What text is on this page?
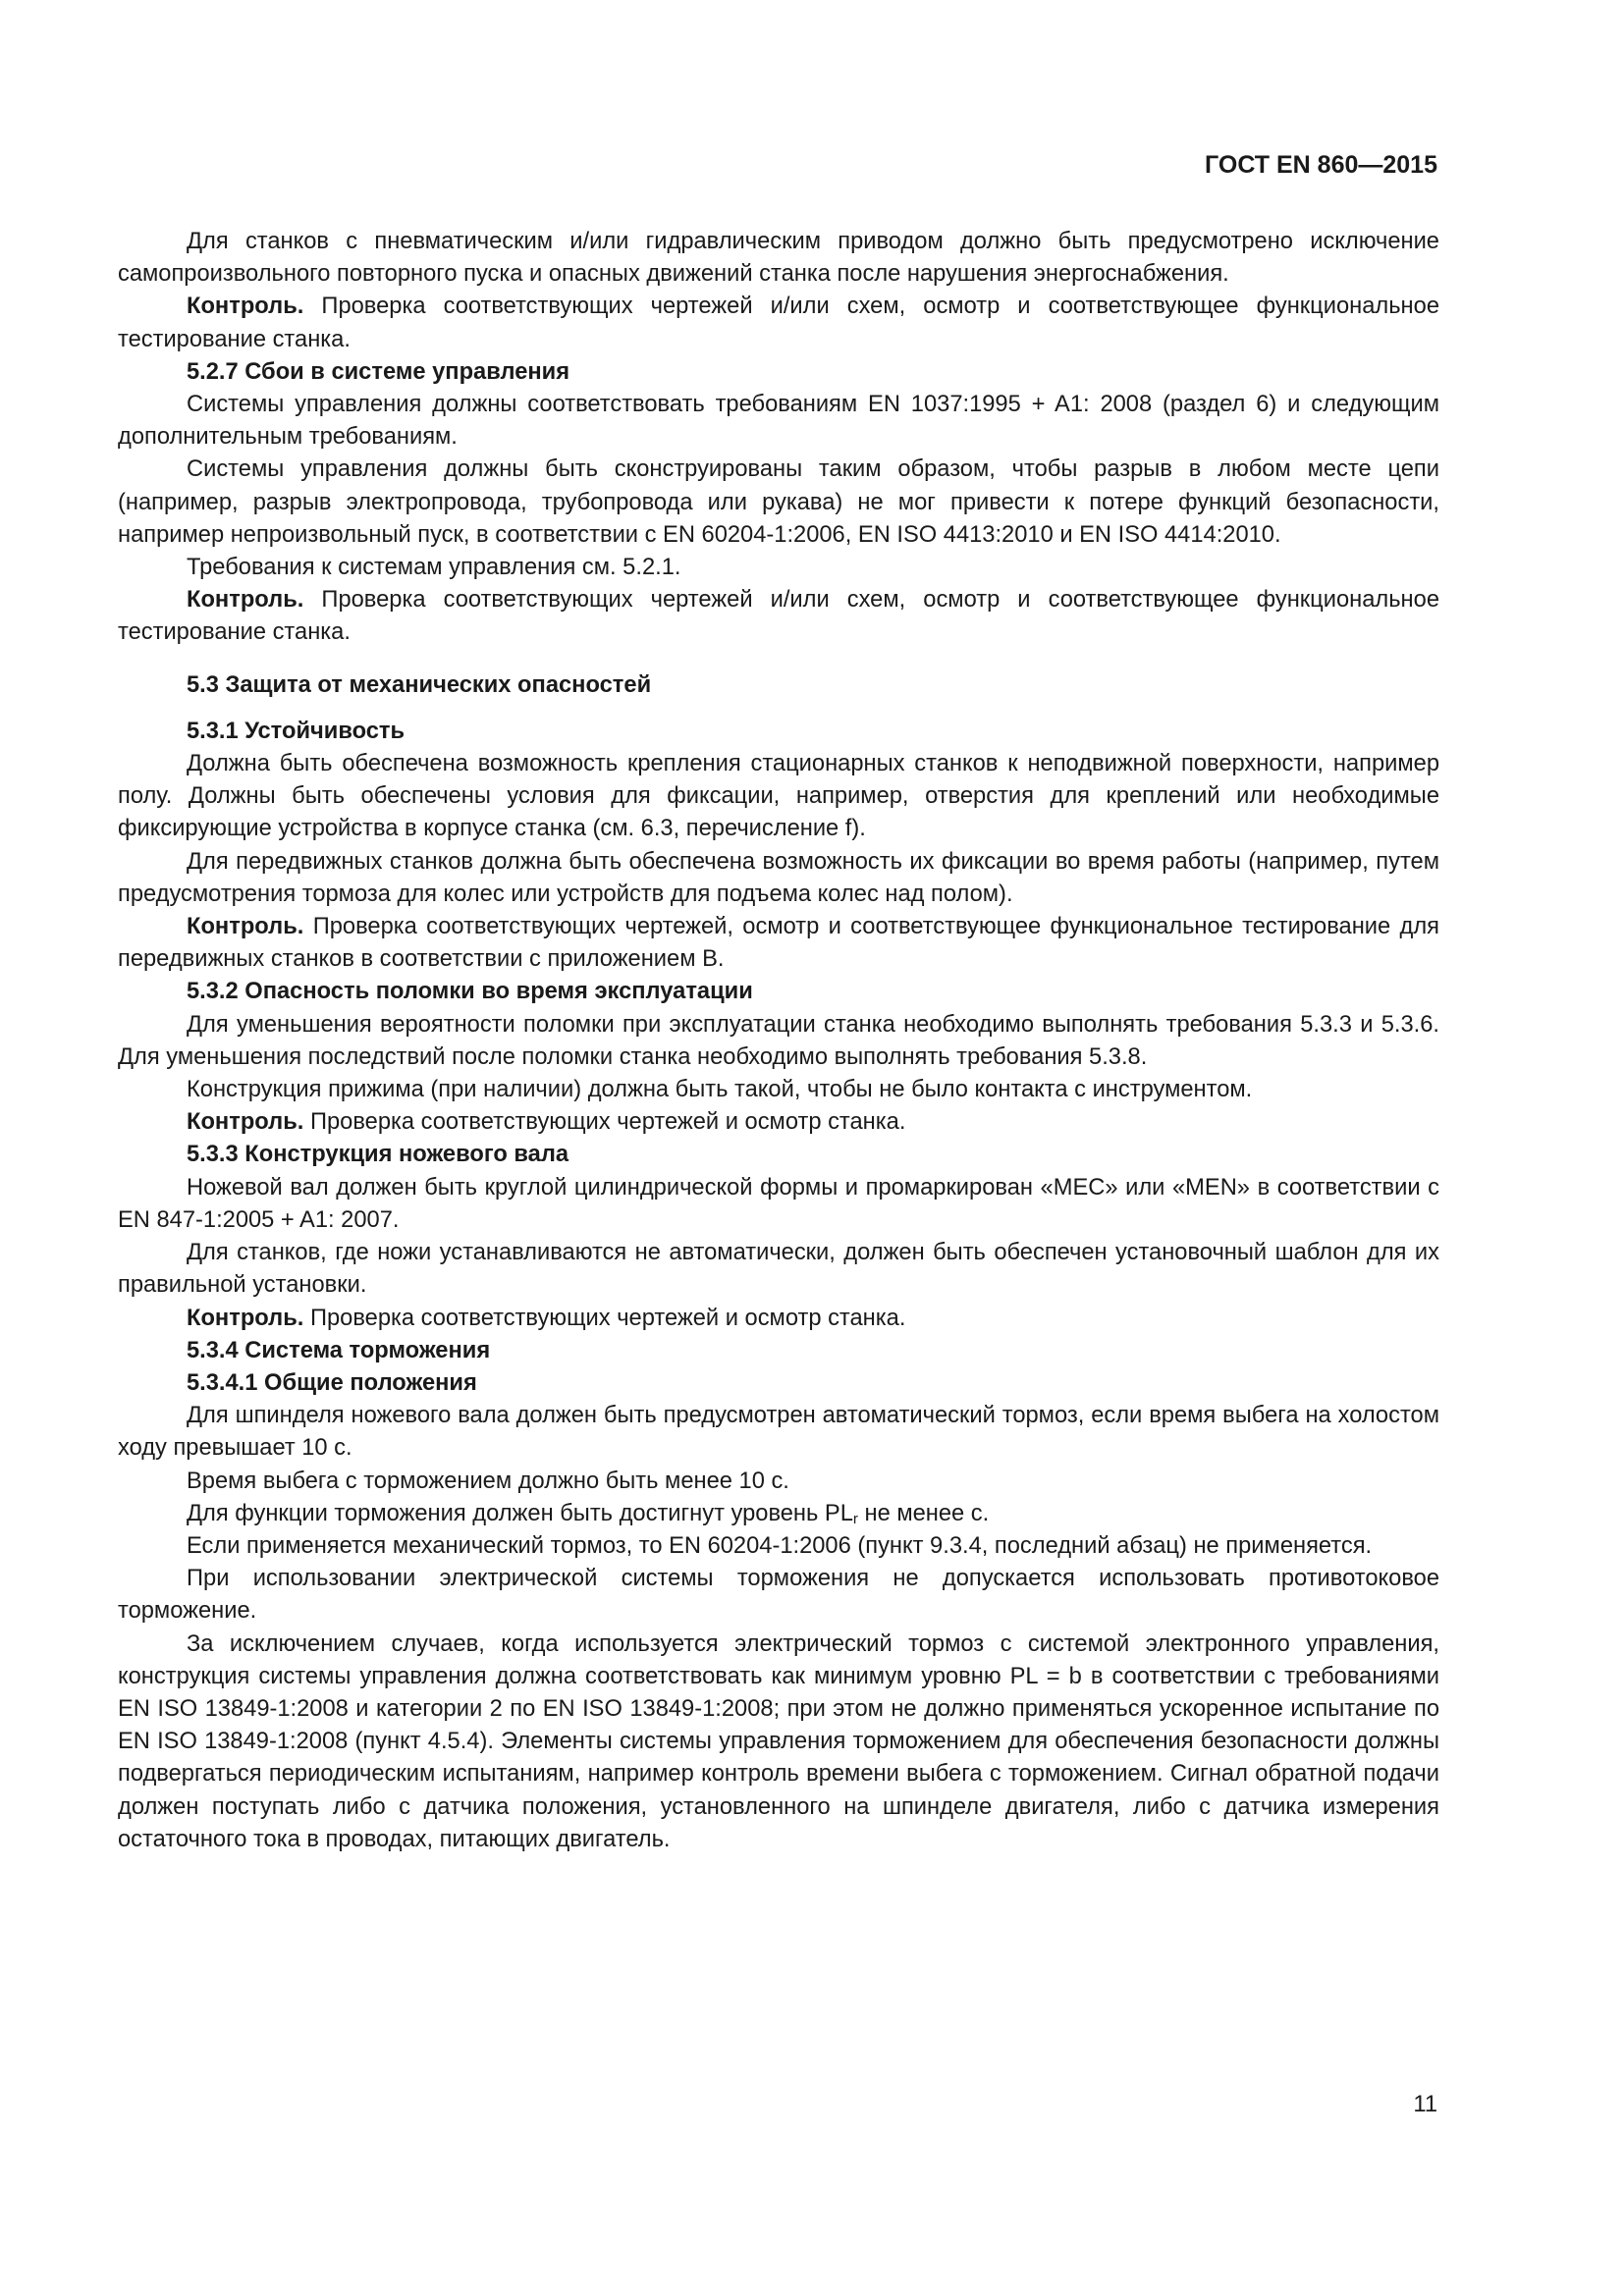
ГОСТ EN 860—2015

Для станков с пневматическим и/или гидравлическим приводом должно быть предусмотрено исключение самопроизвольного повторного пуска и опасных движений станка после нарушения энергоснабжения.

Контроль. Проверка соответствующих чертежей и/или схем, осмотр и соответствующее функциональное тестирование станка.

5.2.7 Сбои в системе управления

Системы управления должны соответствовать требованиям EN 1037:1995 + A1: 2008 (раздел 6) и следующим дополнительным требованиям.

Системы управления должны быть сконструированы таким образом, чтобы разрыв в любом месте цепи (например, разрыв электропровода, трубопровода или рукава) не мог привести к потере функций безопасности, например непроизвольный пуск, в соответствии с EN 60204-1:2006, EN ISO 4413:2010 и EN ISO 4414:2010.

Требования к системам управления см. 5.2.1.

Контроль. Проверка соответствующих чертежей и/или схем, осмотр и соответствующее функциональное тестирование станка.

5.3 Защита от механических опасностей

5.3.1 Устойчивость

Должна быть обеспечена возможность крепления стационарных станков к неподвижной поверхности, например полу. Должны быть обеспечены условия для фиксации, например, отверстия для креплений или необходимые фиксирующие устройства в корпусе станка (см. 6.3, перечисление f).

Для передвижных станков должна быть обеспечена возможность их фиксации во время работы (например, путем предусмотрения тормоза для колес или устройств для подъема колес над полом).

Контроль. Проверка соответствующих чертежей, осмотр и соответствующее функциональное тестирование для передвижных станков в соответствии с приложением В.

5.3.2 Опасность поломки во время эксплуатации

Для уменьшения вероятности поломки при эксплуатации станка необходимо выполнять требования 5.3.3 и 5.3.6. Для уменьшения последствий после поломки станка необходимо выполнять требования 5.3.8.

Конструкция прижима (при наличии) должна быть такой, чтобы не было контакта с инструментом.

Контроль. Проверка соответствующих чертежей и осмотр станка.

5.3.3 Конструкция ножевого вала

Ножевой вал должен быть круглой цилиндрической формы и промаркирован «МЕС» или «MEN» в соответствии с EN 847-1:2005 + A1: 2007.

Для станков, где ножи устанавливаются не автоматически, должен быть обеспечен установочный шаблон для их правильной установки.

Контроль. Проверка соответствующих чертежей и осмотр станка.

5.3.4 Система торможения

5.3.4.1 Общие положения

Для шпинделя ножевого вала должен быть предусмотрен автоматический тормоз, если время выбега на холостом ходу превышает 10 с.

Время выбега с торможением должно быть менее 10 с.

Для функции торможения должен быть достигнут уровень $PL_r$ не менее с.

Если применяется механический тормоз, то EN 60204-1:2006 (пункт 9.3.4, последний абзац) не применяется.

При использовании электрической системы торможения не допускается использовать противотоковое торможение.

За исключением случаев, когда используется электрический тормоз с системой электронного управления, конструкция системы управления должна соответствовать как минимум уровню PL = b в соответствии с требованиями EN ISO 13849-1:2008 и категории 2 по EN ISO 13849-1:2008; при этом не должно применяться ускоренное испытание по EN ISO 13849-1:2008 (пункт 4.5.4). Элементы системы управления торможением для обеспечения безопасности должны подвергаться периодическим испытаниям, например контроль времени выбега с торможением. Сигнал обратной подачи должен поступать либо с датчика положения, установленного на шпинделе двигателя, либо с датчика измерения остаточного тока в проводах, питающих двигатель.

11
